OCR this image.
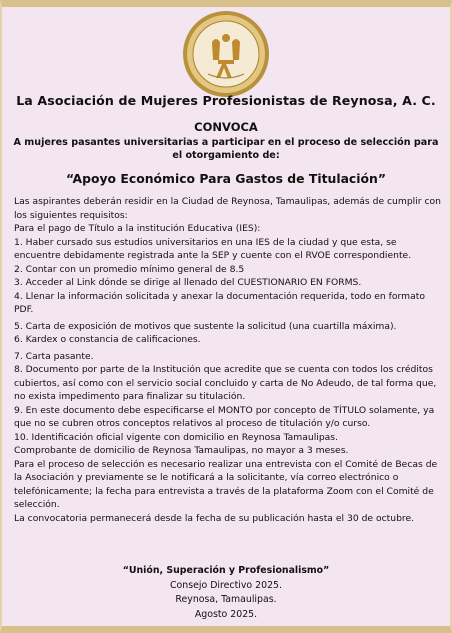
La Asociación de Mujeres Profesionistas de Reynosa, A. C.
CONVOCA
A mujeres pasantes universitarias a participar en el proceso de selección para el otorgamiento de:
“Apoyo Económico Para Gastos de Titulación”

Las aspirantes deberán residir en la Ciudad de Reynosa, Tamaulipas, además de cumplir con los siguientes requisitos:

Para el pago de Título a la institución Educativa (IES):

1. Haber cursado sus estudios universitarios en una IES de la ciudad y que esta, se encuentre debidamente registrada ante la SEP y cuente con el RVOE correspondiente.

2. Contar con un promedio mínimo general de 8.5

3. Acceder al Link dónde se dirige al llenado del CUESTIONARIO EN FORMS.

4. Llenar la información solicitada y anexar la documentación requerida, todo en formato PDF.

5. Carta de exposición de motivos que sustente la solicitud (una cuartilla máxima).

6. Kardex o constancia de calificaciones.

7. Carta pasante.

8. Documento por parte de la Institución que acredite que se cuenta con todos los créditos cubiertos, así como con el servicio social concluido y carta de No Adeudo, de tal forma que, no exista impedimento para finalizar su titulación.

9. En este documento debe especificarse el MONTO por concepto de TÍTULO solamente, ya que no se cubren otros conceptos relativos al proceso de titulación y/o curso.

10. Identificación oficial vigente con domicilio en Reynosa Tamaulipas.

Comprobante de domicilio de Reynosa Tamaulipas, no mayor a 3 meses.

Para el proceso de selección es necesario realizar una entrevista con el Comité de Becas de la Asociación y previamente se le notificará a la solicitante, vía correo electrónico o telefónicamente; la fecha para entrevista a través de la plataforma Zoom con el Comité de selección.

La convocatoria permanecerá desde la fecha de su publicación hasta el 30 de octubre.

“Unión, Superación y Profesionalismo”
Consejo Directivo 2025.
Reynosa, Tamaulipas.
Agosto 2025.
